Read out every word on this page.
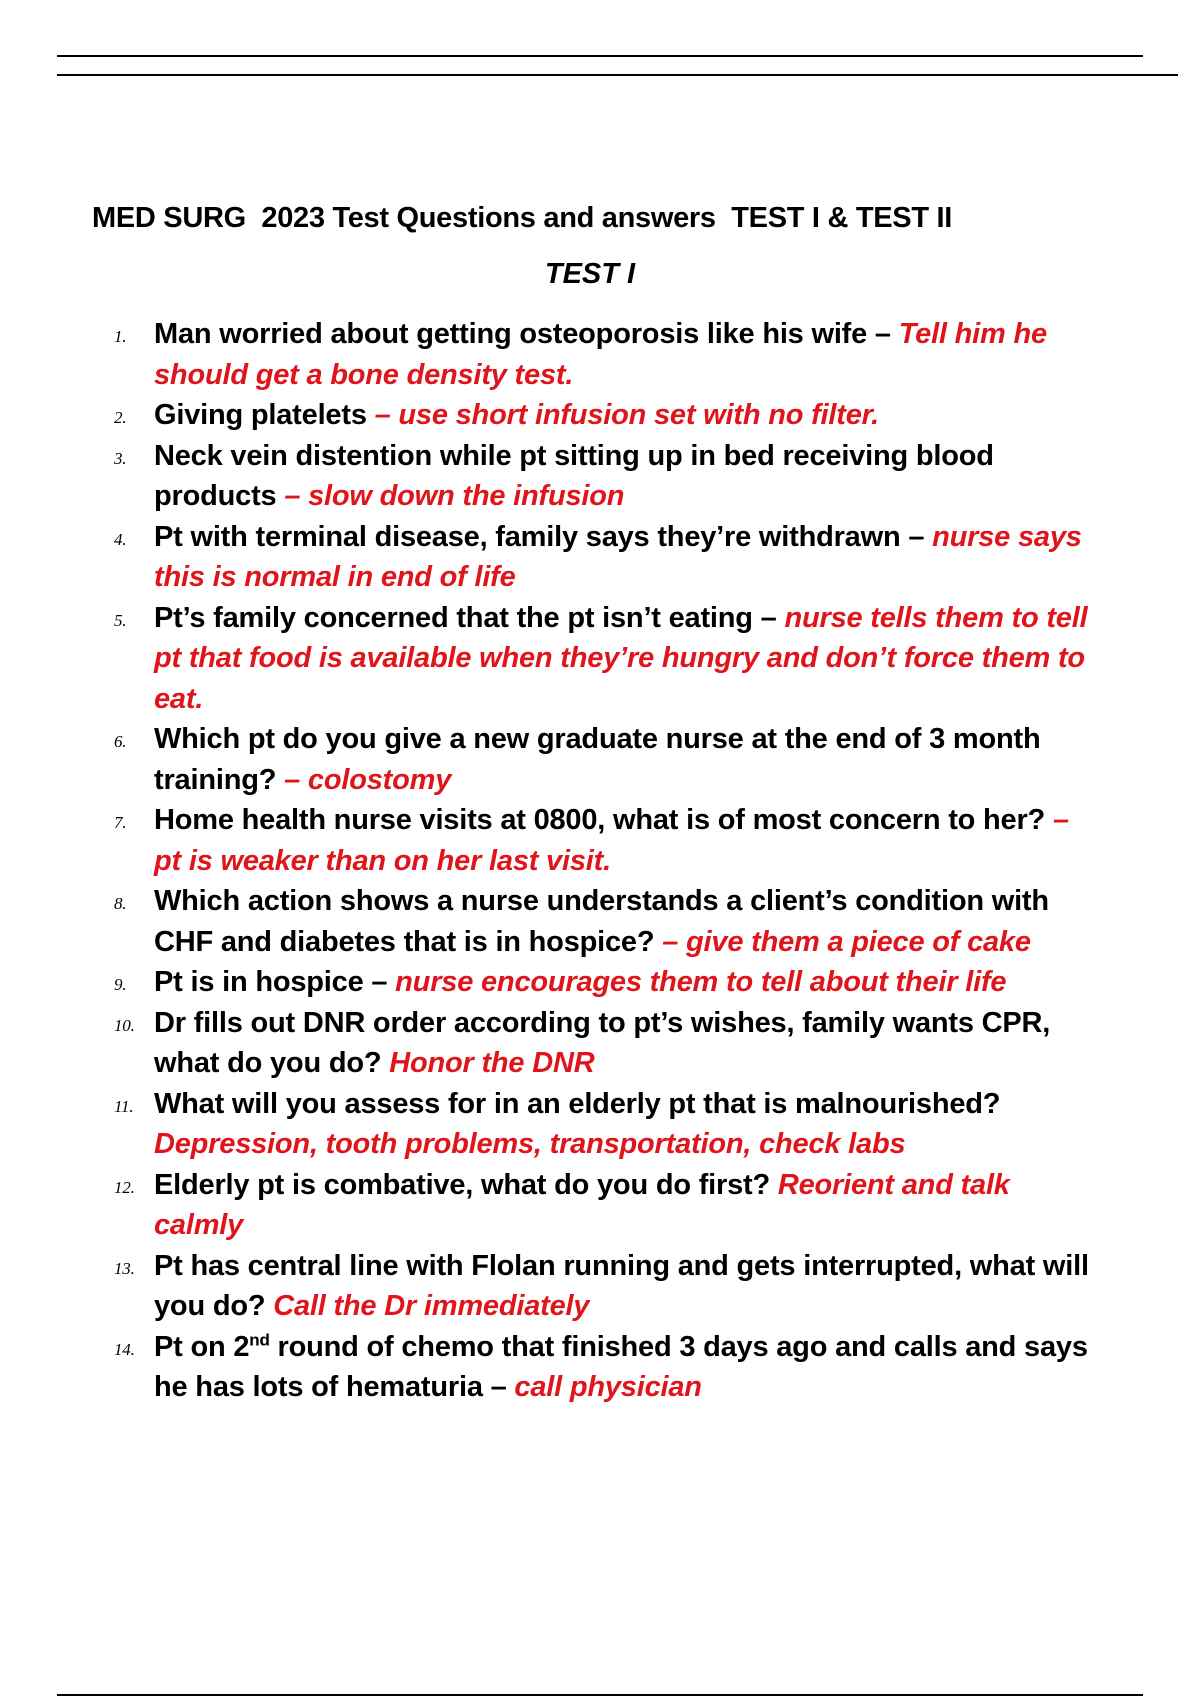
MED SURG  2023 Test Questions and answers  TEST I & TEST II
TEST I
1. Man worried about getting osteoporosis like his wife – Tell him he should get a bone density test.
2. Giving platelets – use short infusion set with no filter.
3. Neck vein distention while pt sitting up in bed receiving blood products – slow down the infusion
4. Pt with terminal disease, family says they’re withdrawn – nurse says this is normal in end of life
5. Pt’s family concerned that the pt isn’t eating – nurse tells them to tell pt that food is available when they’re hungry and don’t force them to eat.
6. Which pt do you give a new graduate nurse at the end of 3 month training? – colostomy
7. Home health nurse visits at 0800, what is of most concern to her? – pt is weaker than on her last visit.
8. Which action shows a nurse understands a client’s condition with CHF and diabetes that is in hospice? – give them a piece of cake
9. Pt is in hospice – nurse encourages them to tell about their life
10. Dr fills out DNR order according to pt’s wishes, family wants CPR, what do you do? Honor the DNR
11. What will you assess for in an elderly pt that is malnourished? Depression, tooth problems, transportation, check labs
12. Elderly pt is combative, what do you do first? Reorient and talk calmly
13. Pt has central line with Flolan running and gets interrupted, what will you do? Call the Dr immediately
14. Pt on 2nd round of chemo that finished 3 days ago and calls and says he has lots of hematuria – call physician
